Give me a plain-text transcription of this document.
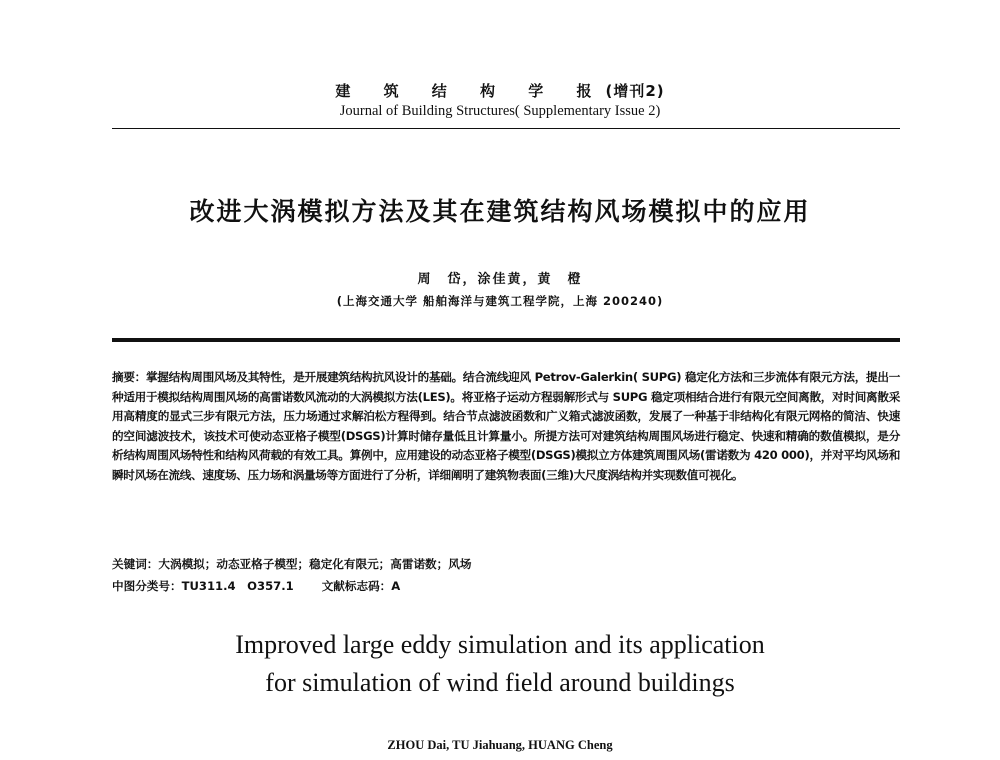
建 筑 结 构 学 报(增刊2)
Journal of Building Structures( Supplementary Issue 2)
改进大涡模拟方法及其在建筑结构风场模拟中的应用
周　岱，涂佳黄，黄　橙
(上海交通大学 船舶海洋与建筑工程学院，上海 200240)

摘要：掌握结构周围风场及其特性，是开展建筑结构抗风设计的基础。结合流线迎风 Petrov-Galerkin( SUPG) 稳定化方法和三步流体有限元方法，提出一种适用于模拟结构周围风场的高雷诺数风流动的大涡模拟方法(LES)。将亚格子运动方程弱解形式与 SUPG 稳定项相结合进行有限元空间离散，对时间离散采用高精度的显式三步有限元方法，压力场通过求解泊松方程得到。结合节点滤波函数和广义箱式滤波函数，发展了一种基于非结构化有限元网格的简洁、快速的空间滤波技术，该技术可使动态亚格子模型(DSGS)计算时储存量低且计算量小。所提方法可对建筑结构周围风场进行稳定、快速和精确的数值模拟，是分析结构周围风场特性和结构风荷载的有效工具。算例中，应用建设的动态亚格子模型(DSGS)模拟立方体建筑周围风场(雷诺数为 420 000)，并对平均风场和瞬时风场在流线、速度场、压力场和涡量场等方面进行了分析，详细阐明了建筑物表面(三维)大尺度涡结构并实现数值可视化。

关键词：大涡模拟；动态亚格子模型；稳定化有限元；高雷诺数；风场
中图分类号：TU311.4　O357.1 文献标志码：A
Improved large eddy simulation and its application
for simulation of wind field around buildings
ZHOU Dai, TU Jiahuang, HUANG Cheng
